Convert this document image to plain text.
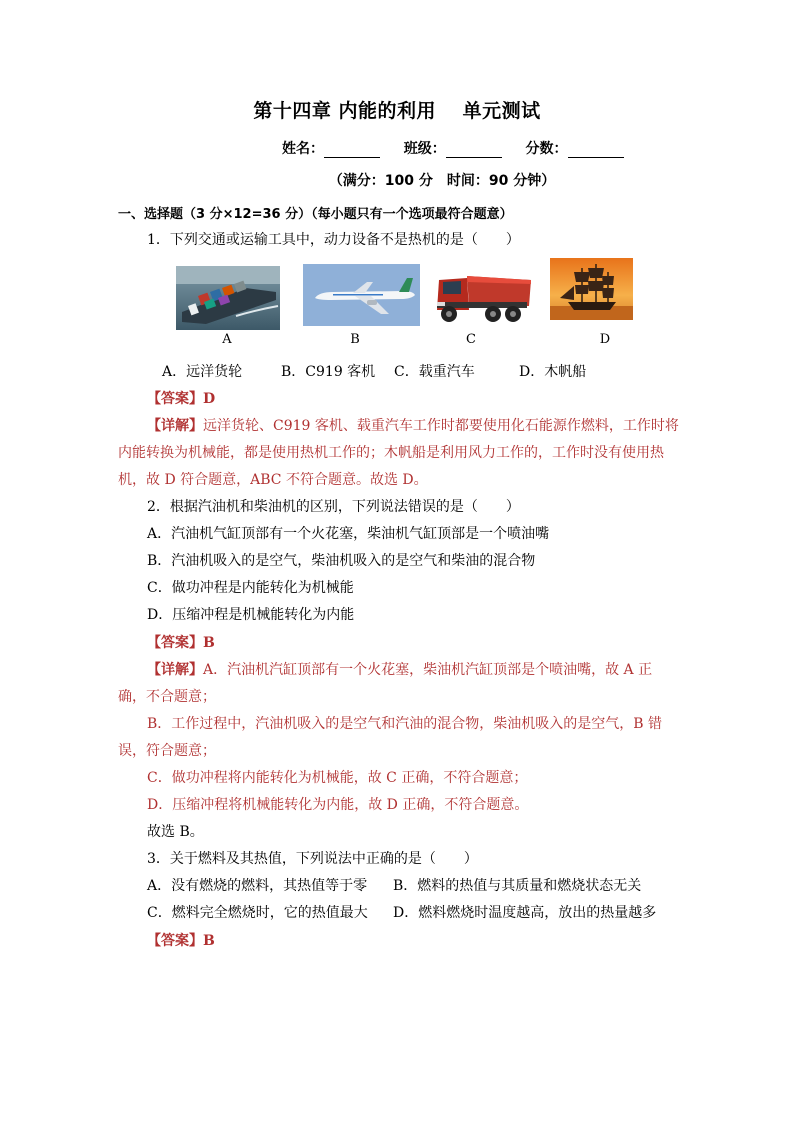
第十四章 内能的利用　 单元测试
姓名：	班级：	分数：
（满分：100 分　时间：90 分钟）
一、选择题（3 分×12=36 分）（每小题只有一个选项最符合题意）
1．下列交通或运输工具中，动力设备不是热机的是（　　）
A	B	C	D
A．远洋货轮	B．C919 客机 C．载重汽车	D．木帆船
【答案】D
【详解】远洋货轮、C919 客机、载重汽车工作时都要使用化石能源作燃料，工作时将
内能转换为机械能，都是使用热机工作的；木帆船是利用风力工作的，工作时没有使用热
机，故 D 符合题意，ABC 不符合题意。故选 D。
2．根据汽油机和柴油机的区别，下列说法错误的是（　　）
A．汽油机气缸顶部有一个火花塞，柴油机气缸顶部是一个喷油嘴
B．汽油机吸入的是空气，柴油机吸入的是空气和柴油的混合物
C．做功冲程是内能转化为机械能
D．压缩冲程是机械能转化为内能
【答案】B
【详解】A．汽油机汽缸顶部有一个火花塞，柴油机汽缸顶部是个喷油嘴，故 A 正
确，不合题意；
B．工作过程中，汽油机吸入的是空气和汽油的混合物，柴油机吸入的是空气，B 错
误，符合题意；
C．做功冲程将内能转化为机械能，故 C 正确，不符合题意；
D．压缩冲程将机械能转化为内能，故 D 正确，不符合题意。
故选 B。
3．关于燃料及其热值，下列说法中正确的是（　　）
A．没有燃烧的燃料，其热值等于零 B．燃料的热值与其质量和燃烧状态无关
C．燃料完全燃烧时，它的热值最大 D．燃料燃烧时温度越高，放出的热量越多
【答案】B
